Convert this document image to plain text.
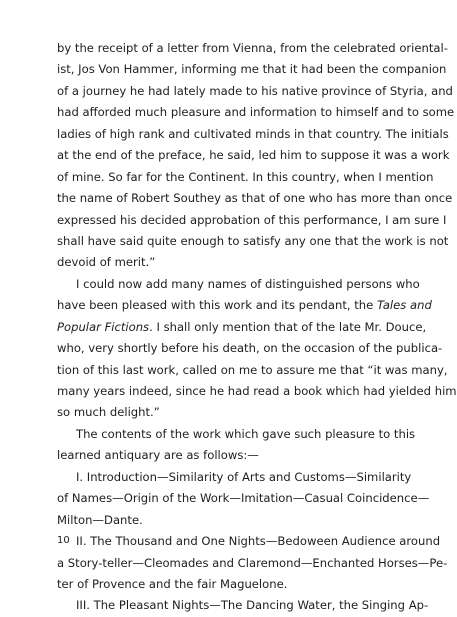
by the receipt of a letter from Vienna, from the celebrated oriental-
ist, Jos Von Hammer, informing me that it had been the companion
of a journey he had lately made to his native province of Styria, and
had afforded much pleasure and information to himself and to some
ladies of high rank and cultivated minds in that country. The initials
at the end of the preface, he said, led him to suppose it was a work
of mine. So far for the Continent. In this country, when I mention
the name of Robert Southey as that of one who has more than once
expressed his decided approbation of this performance, I am sure I
shall have said quite enough to satisfy any one that the work is not
devoid of merit.”
I could now add many names of distinguished persons who
have been pleased with this work and its pendant, the Tales and
Popular Fictions. I shall only mention that of the late Mr. Douce,
who, very shortly before his death, on the occasion of the publica-
tion of this last work, called on me to assure me that “it was many,
many years indeed, since he had read a book which had yielded him
so much delight.”
The contents of the work which gave such pleasure to this
learned antiquary are as follows:—
I. Introduction—Similarity of Arts and Customs—Similarity
of Names—Origin of the Work—Imitation—Casual Coincidence—
Milton—Dante.
II. The Thousand and One Nights—Bedoween Audience around
a Story-teller—Cleomades and Claremond—Enchanted Horses—Pe-
ter of Provence and the fair Maguelone.
III. The Pleasant Nights—The Dancing Water, the Singing Ap-
10
